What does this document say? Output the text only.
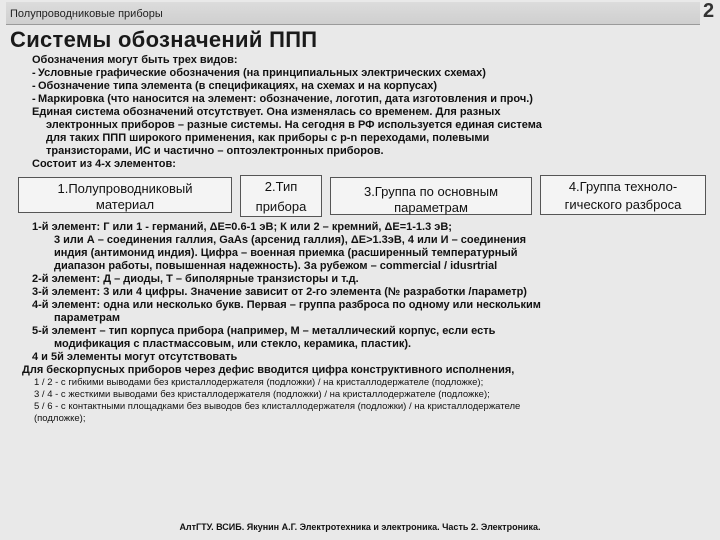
Полупроводниковые приборы	2
Системы обозначений ППП
Обозначения могут быть трех видов:
- Условные графические обозначения (на принципиальных электрических схемах)
- Обозначение типа элемента (в спецификациях, на схемах и на корпусах)
- Маркировка (что наносится на элемент: обозначение, логотип, дата изготовления и проч.)
Единая система обозначений отсутствует. Она изменялась со временем. Для разных
электронных приборов – разные системы. На сегодня в РФ используется единая система
для таких ППП широкого применения, как приборы с p-n переходами, полевыми
транзисторами, ИС и частично – оптоэлектронных приборов.
Состоит из 4-х элементов:
1.Полупроводниковый
материал
2.Тип
прибора
3.Группа по основным
параметрам
4.Группа техноло-
гического разброса
1-й элемент: Г или 1 - германий, ΔE=0.6-1 эВ; К или 2 – кремний, ΔE=1-1.3 эВ;
3 или А – соединения галлия, GaAs (арсенид галлия), ΔE>1.3эВ, 4 или И – соединения
индия (антимонид индия). Цифра – военная приемка (расширенный температурный
диапазон работы, повышенная надежность). За рубежом – commercial / idusrtrial
2-й элемент: Д – диоды, Т – биполярные транзисторы и т.д.
3-й элемент: 3 или 4 цифры. Значение зависит от 2-го элемента (№ разработки /параметр)
4-й элемент: одна или несколько букв. Первая – группа разброса по одному или нескольким
параметрам
5-й элемент – тип корпуса прибора (например, М – металлический корпус, если есть
модификация с пластмассовым, или стекло, керамика, пластик).
4 и 5й элементы могут отсутствовать
Для бескорпусных приборов через дефис вводится цифра конструктивного исполнения,
1 / 2 - с гибкими выводами без кристаллодержателя (подложки) / на кристаллодержателе (подложке);
3 / 4 - с жесткими выводами без кристаллодержателя (подложки) / на кристаллодержателе (подложке);
5 / 6 - с контактными площадками без выводов без клисталлодержателя (подложки) / на кристаллодержателе
(подложке);
АлтГТУ. ВСИБ. Якунин А.Г. Электротехника и электроника. Часть 2. Электроника.
